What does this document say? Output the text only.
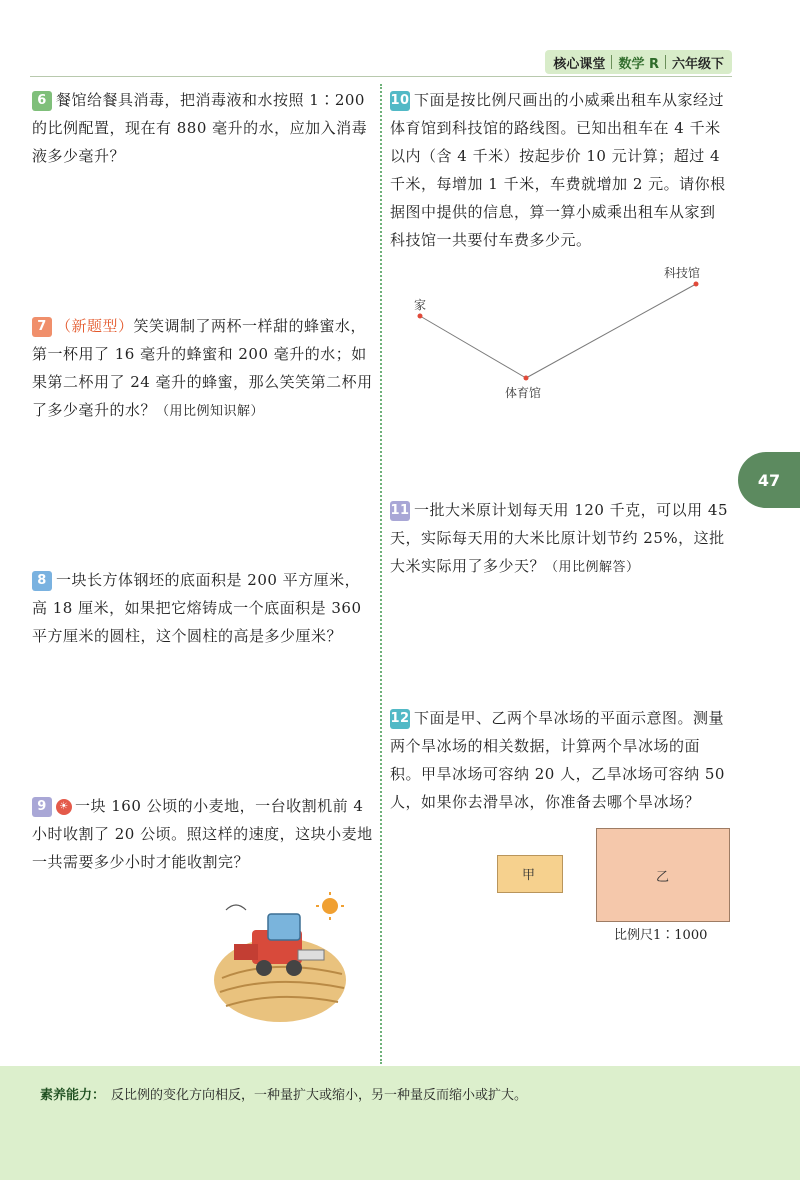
核心课堂 数学 R 六年级下
47
6 餐馆给餐具消毒，把消毒液和水按照 1∶200 的比例配置，现在有 880 毫升的水，应加入消毒液多少毫升？
7 （新题型）笑笑调制了两杯一样甜的蜂蜜水，第一杯用了 16 毫升的蜂蜜和 200 毫升的水；如果第二杯用了 24 毫升的蜂蜜，那么笑笑第二杯用了多少毫升的水？（用比例知识解）
8 一块长方体钢坯的底面积是 200 平方厘米，高 18 厘米，如果把它熔铸成一个底面积是 360 平方厘米的圆柱，这个圆柱的高是多少厘米？
9 ☀ 一块 160 公顷的小麦地，一台收割机前 4 小时收割了 20 公顷。照这样的速度，这块小麦地一共需要多少小时才能收割完？
10 下面是按比例尺画出的小威乘出租车从家经过体育馆到科技馆的路线图。已知出租车在 4 千米以内（含 4 千米）按起步价 10 元计算；超过 4 千米，每增加 1 千米，车费就增加 2 元。请你根据图中提供的信息，算一算小威乘出租车从家到科技馆一共要付车费多少元。
家
体育馆
科技馆
11 一批大米原计划每天用 120 千克，可以用 45 天，实际每天用的大米比原计划节约 25%，这批大米实际用了多少天？（用比例解答）
12 下面是甲、乙两个旱冰场的平面示意图。测量两个旱冰场的相关数据，计算两个旱冰场的面积。甲旱冰场可容纳 20 人，乙旱冰场可容纳 50 人，如果你去滑旱冰，你准备去哪个旱冰场？
甲	乙
比例尺1∶1000
素养能力： 反比例的变化方向相反，一种量扩大或缩小，另一种量反而缩小或扩大。
